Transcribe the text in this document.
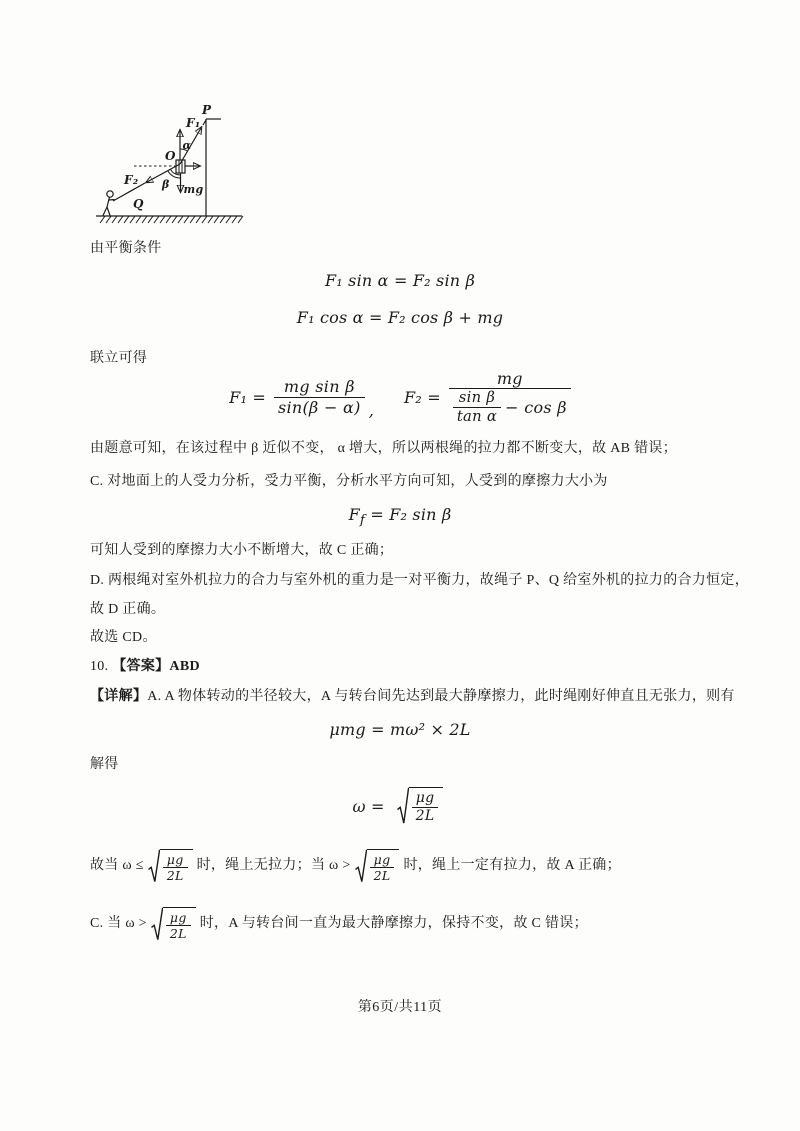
P
O
Q
F₁
F₂
α
β mg
由平衡条件
F₁ sin α = F₂ sin β
F₁ cos α = F₂ cos β + mg
联立可得
$F_1 = \frac{\text{mg sin β}}{\sin(\beta - \alpha)}$ ,
$F_2 = \frac{mg}{\frac{\text{sin β}}{\text{tan α}} - \cos \beta}$
由题意可知，在该过程中 β 近似不变， α 增大，所以两根绳的拉力都不断变大，故 AB 错误；
C. 对地面上的人受力分析，受力平衡，分析水平方向可知，人受到的摩擦力大小为
$F_f = F_2$ sin β
可知人受到的摩擦力大小不断增大，故 C 正确；
D. 两根绳对室外机拉力的合力与室外机的重力是一对平衡力，故绳子 P、Q 给室外机的拉力的合力恒定，
故 D 正确。
故选 CD。
10. 【答案】ABD
【详解】A. A 物体转动的半径较大，A 与转台间先达到最大静摩擦力，此时绳刚好伸直且无张力，则有
μmg = mω² × 2L
解得
$\omega = \frac{\mu g}{2L}$
故当 $\omega \le \frac{\mu g}{2L}$ 时，绳上无拉力；当 $\omega > \frac{\mu g}{2L}$ 时，绳上一定有拉力，故 A 正确；
C. 当 $\omega > \frac{\mu g}{2L}$ 时，A 与转台间一直为最大静摩擦力，保持不变，故 C 错误；
第6页/共11页
